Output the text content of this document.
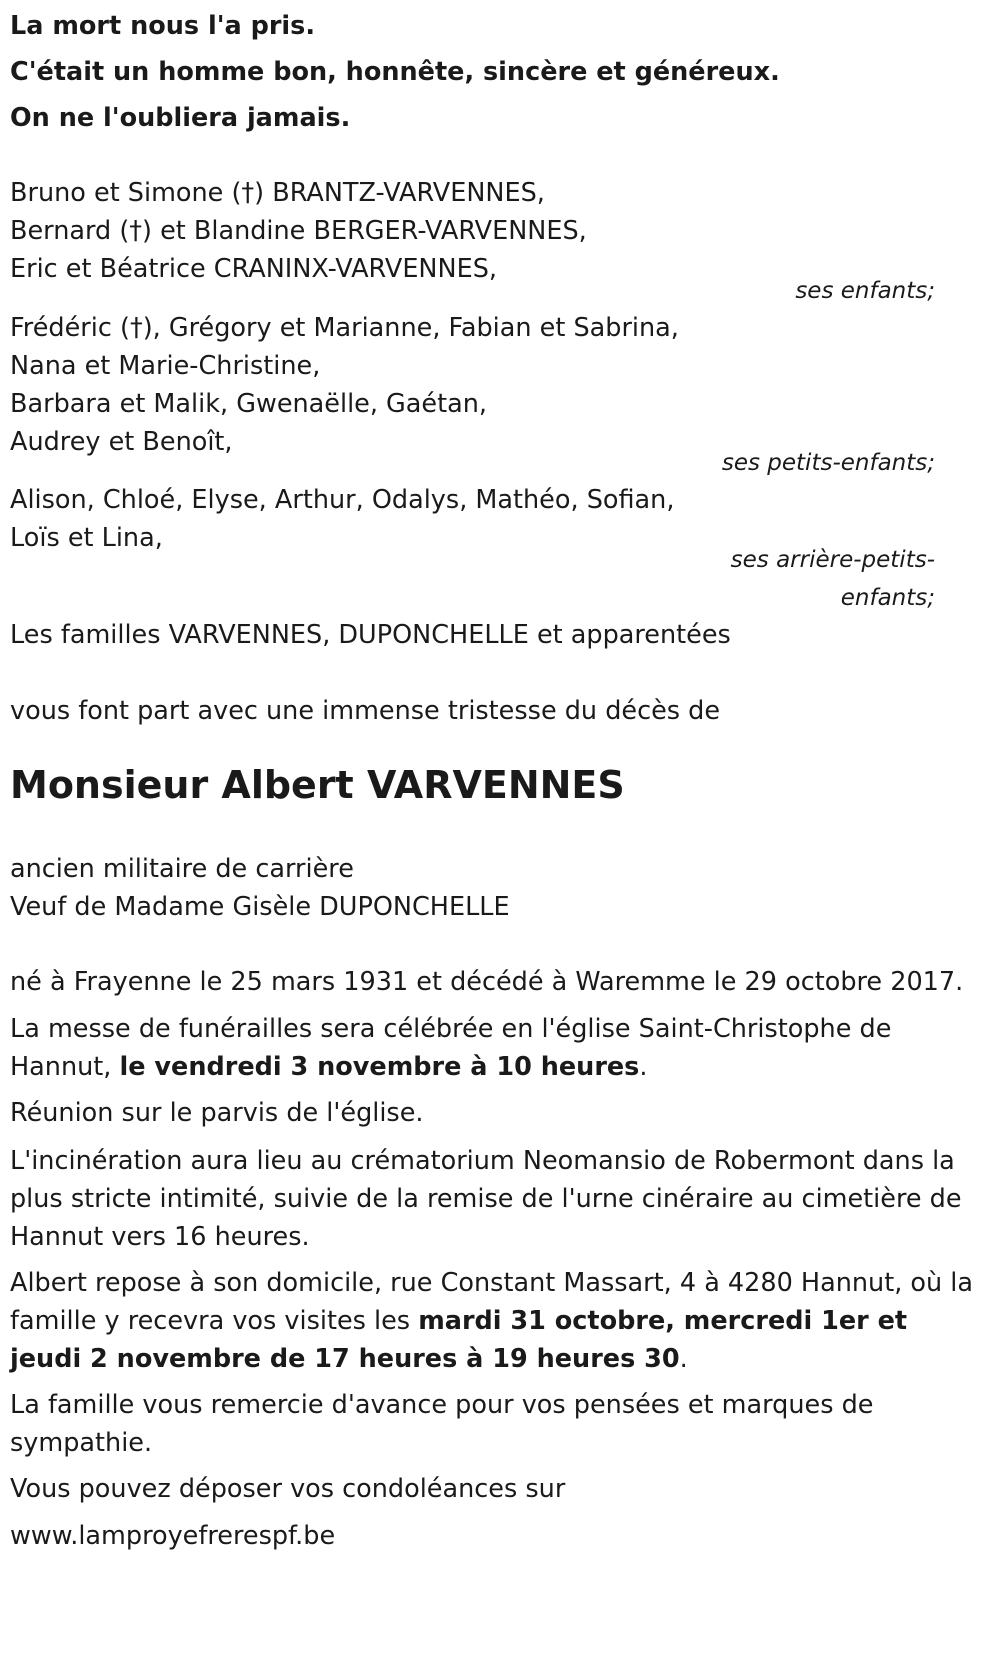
La mort nous l'a pris.
C'était un homme bon, honnête, sincère et généreux.
On ne l'oubliera jamais.
Bruno et Simone (†) BRANTZ-VARVENNES,
Bernard (†) et Blandine BERGER-VARVENNES,
Eric et Béatrice CRANINX-VARVENNES,
ses enfants;
Frédéric (†), Grégory et Marianne, Fabian et Sabrina,
Nana et Marie-Christine,
Barbara et Malik, Gwenaëlle, Gaétan,
Audrey et Benoît,
ses petits-enfants;
Alison, Chloé, Elyse, Arthur, Odalys, Mathéo, Sofian,
Loïs et Lina,
ses arrière-petits-
enfants;
Les familles VARVENNES, DUPONCHELLE et apparentées
vous font part avec une immense tristesse du décès de
Monsieur Albert VARVENNES
ancien militaire de carrière
Veuf de Madame Gisèle DUPONCHELLE
né à Frayenne le 25 mars 1931 et décédé à Waremme le 29 octobre 2017.
La messe de funérailles sera célébrée en l'église Saint-Christophe de Hannut, le vendredi 3 novembre à 10 heures.
Réunion sur le parvis de l'église.
L'incinération aura lieu au crématorium Neomansio de Robermont dans la plus stricte intimité, suivie de la remise de l'urne cinéraire au cimetière de Hannut vers 16 heures.
Albert repose à son domicile, rue Constant Massart, 4 à 4280 Hannut, où la famille y recevra vos visites les mardi 31 octobre, mercredi 1er et jeudi 2 novembre de 17 heures à 19 heures 30.
La famille vous remercie d'avance pour vos pensées et marques de sympathie.
Vous pouvez déposer vos condoléances sur
www.lamproyefrerespf.be
